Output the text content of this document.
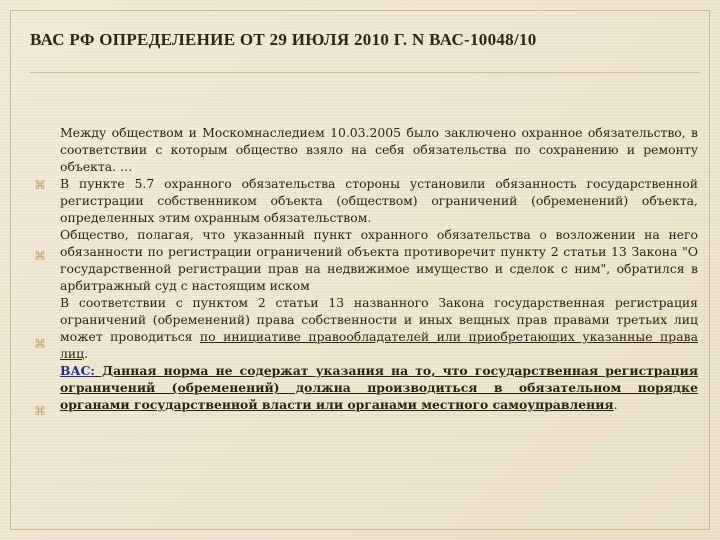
ВАС РФ ОПРЕДЕЛЕНИЕ ОТ 29 ИЮЛЯ 2010 Г. N ВАС-10048/10
⌘
⌘
⌘
⌘

Между обществом и Москомнаследием 10.03.2005 было заключено охранное обязательство, в соответствии с которым общество взяло на себя обязательства по сохранению и ремонту объекта. …

В пункте 5.7 охранного обязательства стороны установили обязанность государственной регистрации собственником объекта (обществом) ограничений (обременений) объекта, определенных этим охранным обязательством.

Общество, полагая, что указанный пункт охранного обязательства о возложении на него обязанности по регистрации ограничений объекта противоречит пункту 2 статьи 13 Закона "О государственной регистрации прав на недвижимое имущество и сделок с ним", обратился в арбитражный суд с настоящим иском

В соответствии с пунктом 2 статьи 13 названного Закона государственная регистрация ограничений (обременений) права собственности и иных вещных прав правами третьих лиц может проводиться по инициативе правообладателей или приобретающих указанные права лиц.

ВАС: Данная норма не содержат указания на то, что государственная регистрация ограничений (обременений) должна производиться в обязательном порядке органами государственной власти или органами местного самоуправления.
